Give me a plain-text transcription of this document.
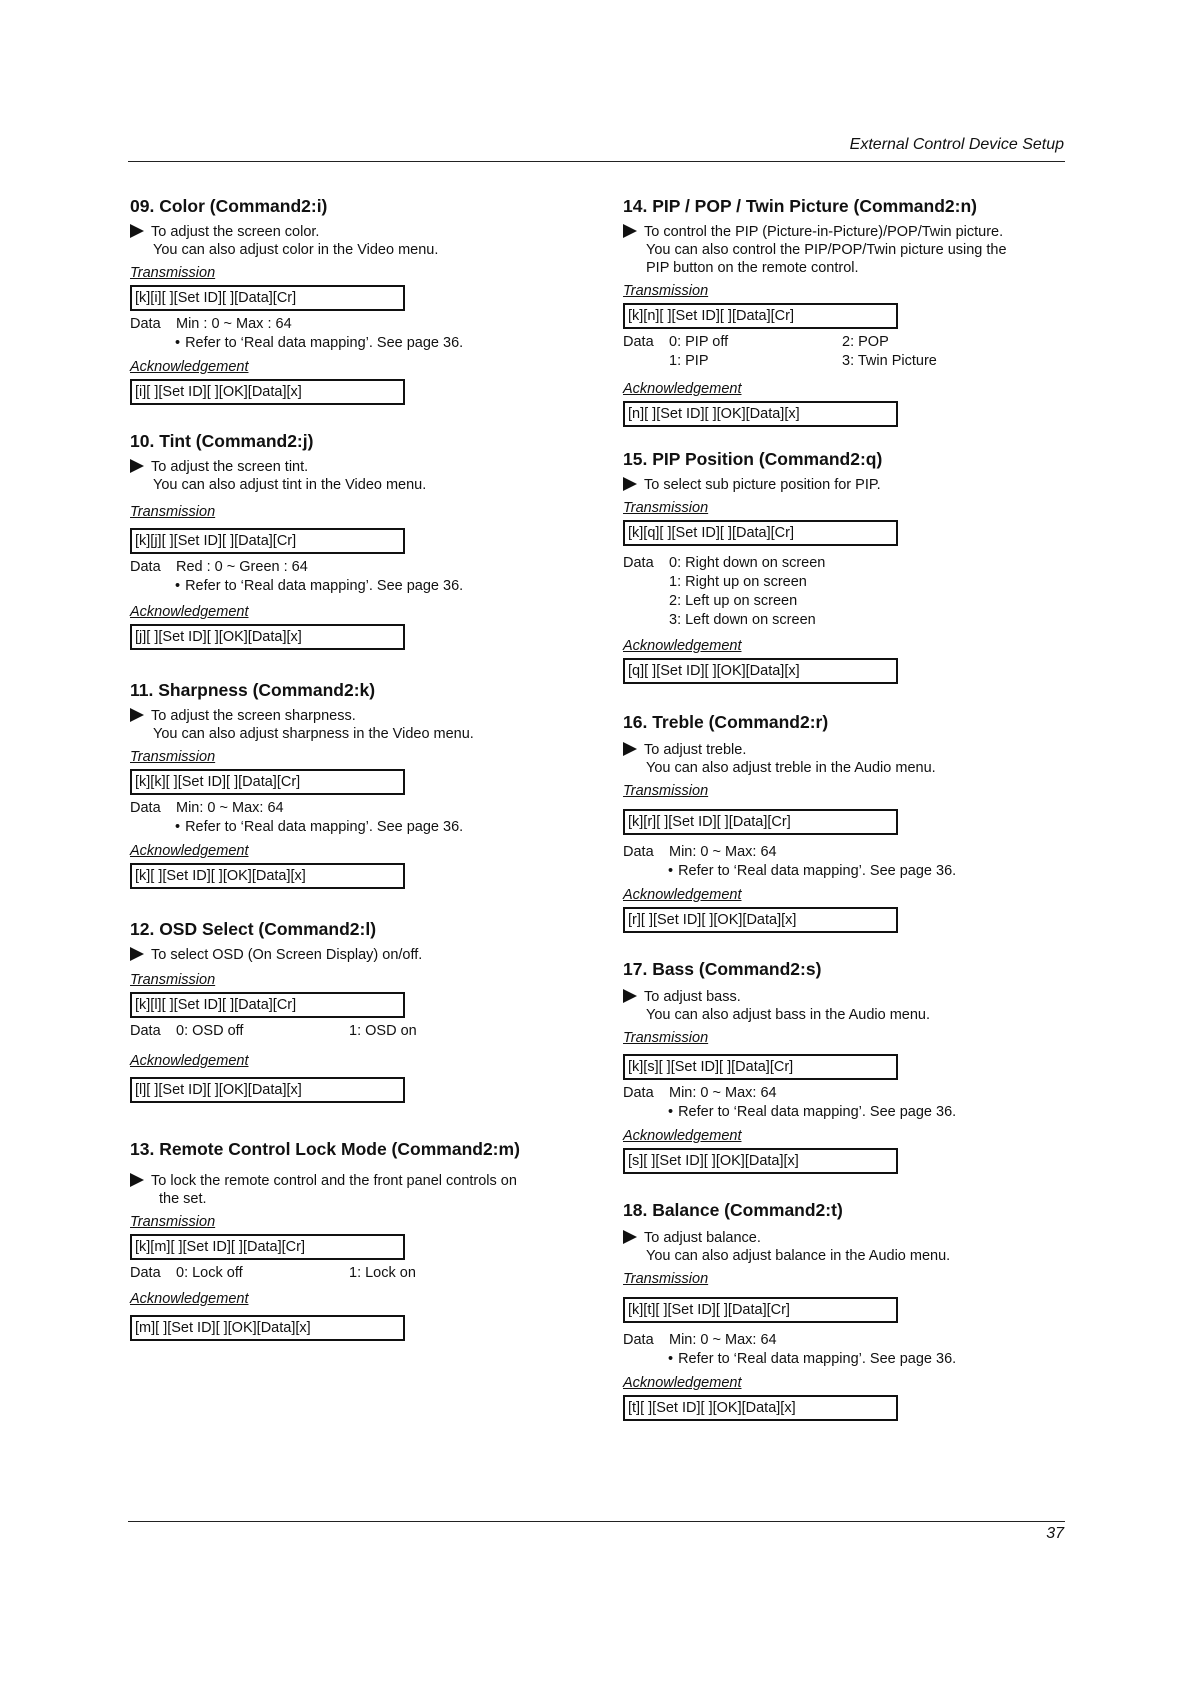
External Control Device Setup
09. Color (Command2:i)

To adjust the screen color.

You can also adjust color in the Video menu.

Transmission
[k][i][ ][Set ID][ ][Data][Cr]
Data Min : 0 ~ Max : 64
• Refer to ‘Real data mapping’. See page 36.
Acknowledgement
[i][ ][Set ID][ ][OK][Data][x]
10. Tint (Command2:j)

To adjust the screen tint.

You can also adjust tint in the Video menu.

Transmission
[k][j][ ][Set ID][ ][Data][Cr]
Data Red : 0 ~ Green : 64
• Refer to ‘Real data mapping’. See page 36.
Acknowledgement
[j][ ][Set ID][ ][OK][Data][x]
11. Sharpness (Command2:k)

To adjust the screen sharpness.

You can also adjust sharpness in the Video menu.

Transmission
[k][k][ ][Set ID][ ][Data][Cr]
Data Min: 0 ~ Max: 64
• Refer to ‘Real data mapping’. See page 36.
Acknowledgement
[k][ ][Set ID][ ][OK][Data][x]
12. OSD Select (Command2:l)

To select OSD (On Screen Display) on/off.

Transmission
[k][l][ ][Set ID][ ][Data][Cr]
Data	0: OSD off	1: OSD on
Acknowledgement
[l][ ][Set ID][ ][OK][Data][x]
13. Remote Control Lock Mode (Command2:m)

To lock the remote control and the front panel controls on

the set.

Transmission
[k][m][ ][Set ID][ ][Data][Cr]
Data	0: Lock off	1: Lock on
Acknowledgement
[m][ ][Set ID][ ][OK][Data][x]
14. PIP / POP / Twin Picture (Command2:n)

To control the PIP (Picture-in-Picture)/POP/Twin picture.

You can also control the PIP/POP/Twin picture using the

PIP button on the remote control.

Transmission
[k][n][ ][Set ID][ ][Data][Cr]
Data	0: PIP off	2: POP
1: PIP	3: Twin Picture
Acknowledgement
[n][ ][Set ID][ ][OK][Data][x]
15. PIP Position (Command2:q)

To select sub picture position for PIP.

Transmission
[k][q][ ][Set ID][ ][Data][Cr]
Data 0: Right down on screen
1: Right up on screen
2: Left up on screen
3: Left down on screen
Acknowledgement
[q][ ][Set ID][ ][OK][Data][x]
16. Treble (Command2:r)

To adjust treble.

You can also adjust treble in the Audio menu.

Transmission
[k][r][ ][Set ID][ ][Data][Cr]
Data Min: 0 ~ Max: 64
• Refer to ‘Real data mapping’. See page 36.
Acknowledgement
[r][ ][Set ID][ ][OK][Data][x]
17. Bass (Command2:s)

To adjust bass.

You can also adjust bass in the Audio menu.

Transmission
[k][s][ ][Set ID][ ][Data][Cr]
Data Min: 0 ~ Max: 64
• Refer to ‘Real data mapping’. See page 36.
Acknowledgement
[s][ ][Set ID][ ][OK][Data][x]
18. Balance (Command2:t)

To adjust balance.

You can also adjust balance in the Audio menu.

Transmission
[k][t][ ][Set ID][ ][Data][Cr]
Data Min: 0 ~ Max: 64
• Refer to ‘Real data mapping’. See page 36.
Acknowledgement
[t][ ][Set ID][ ][OK][Data][x]
37
